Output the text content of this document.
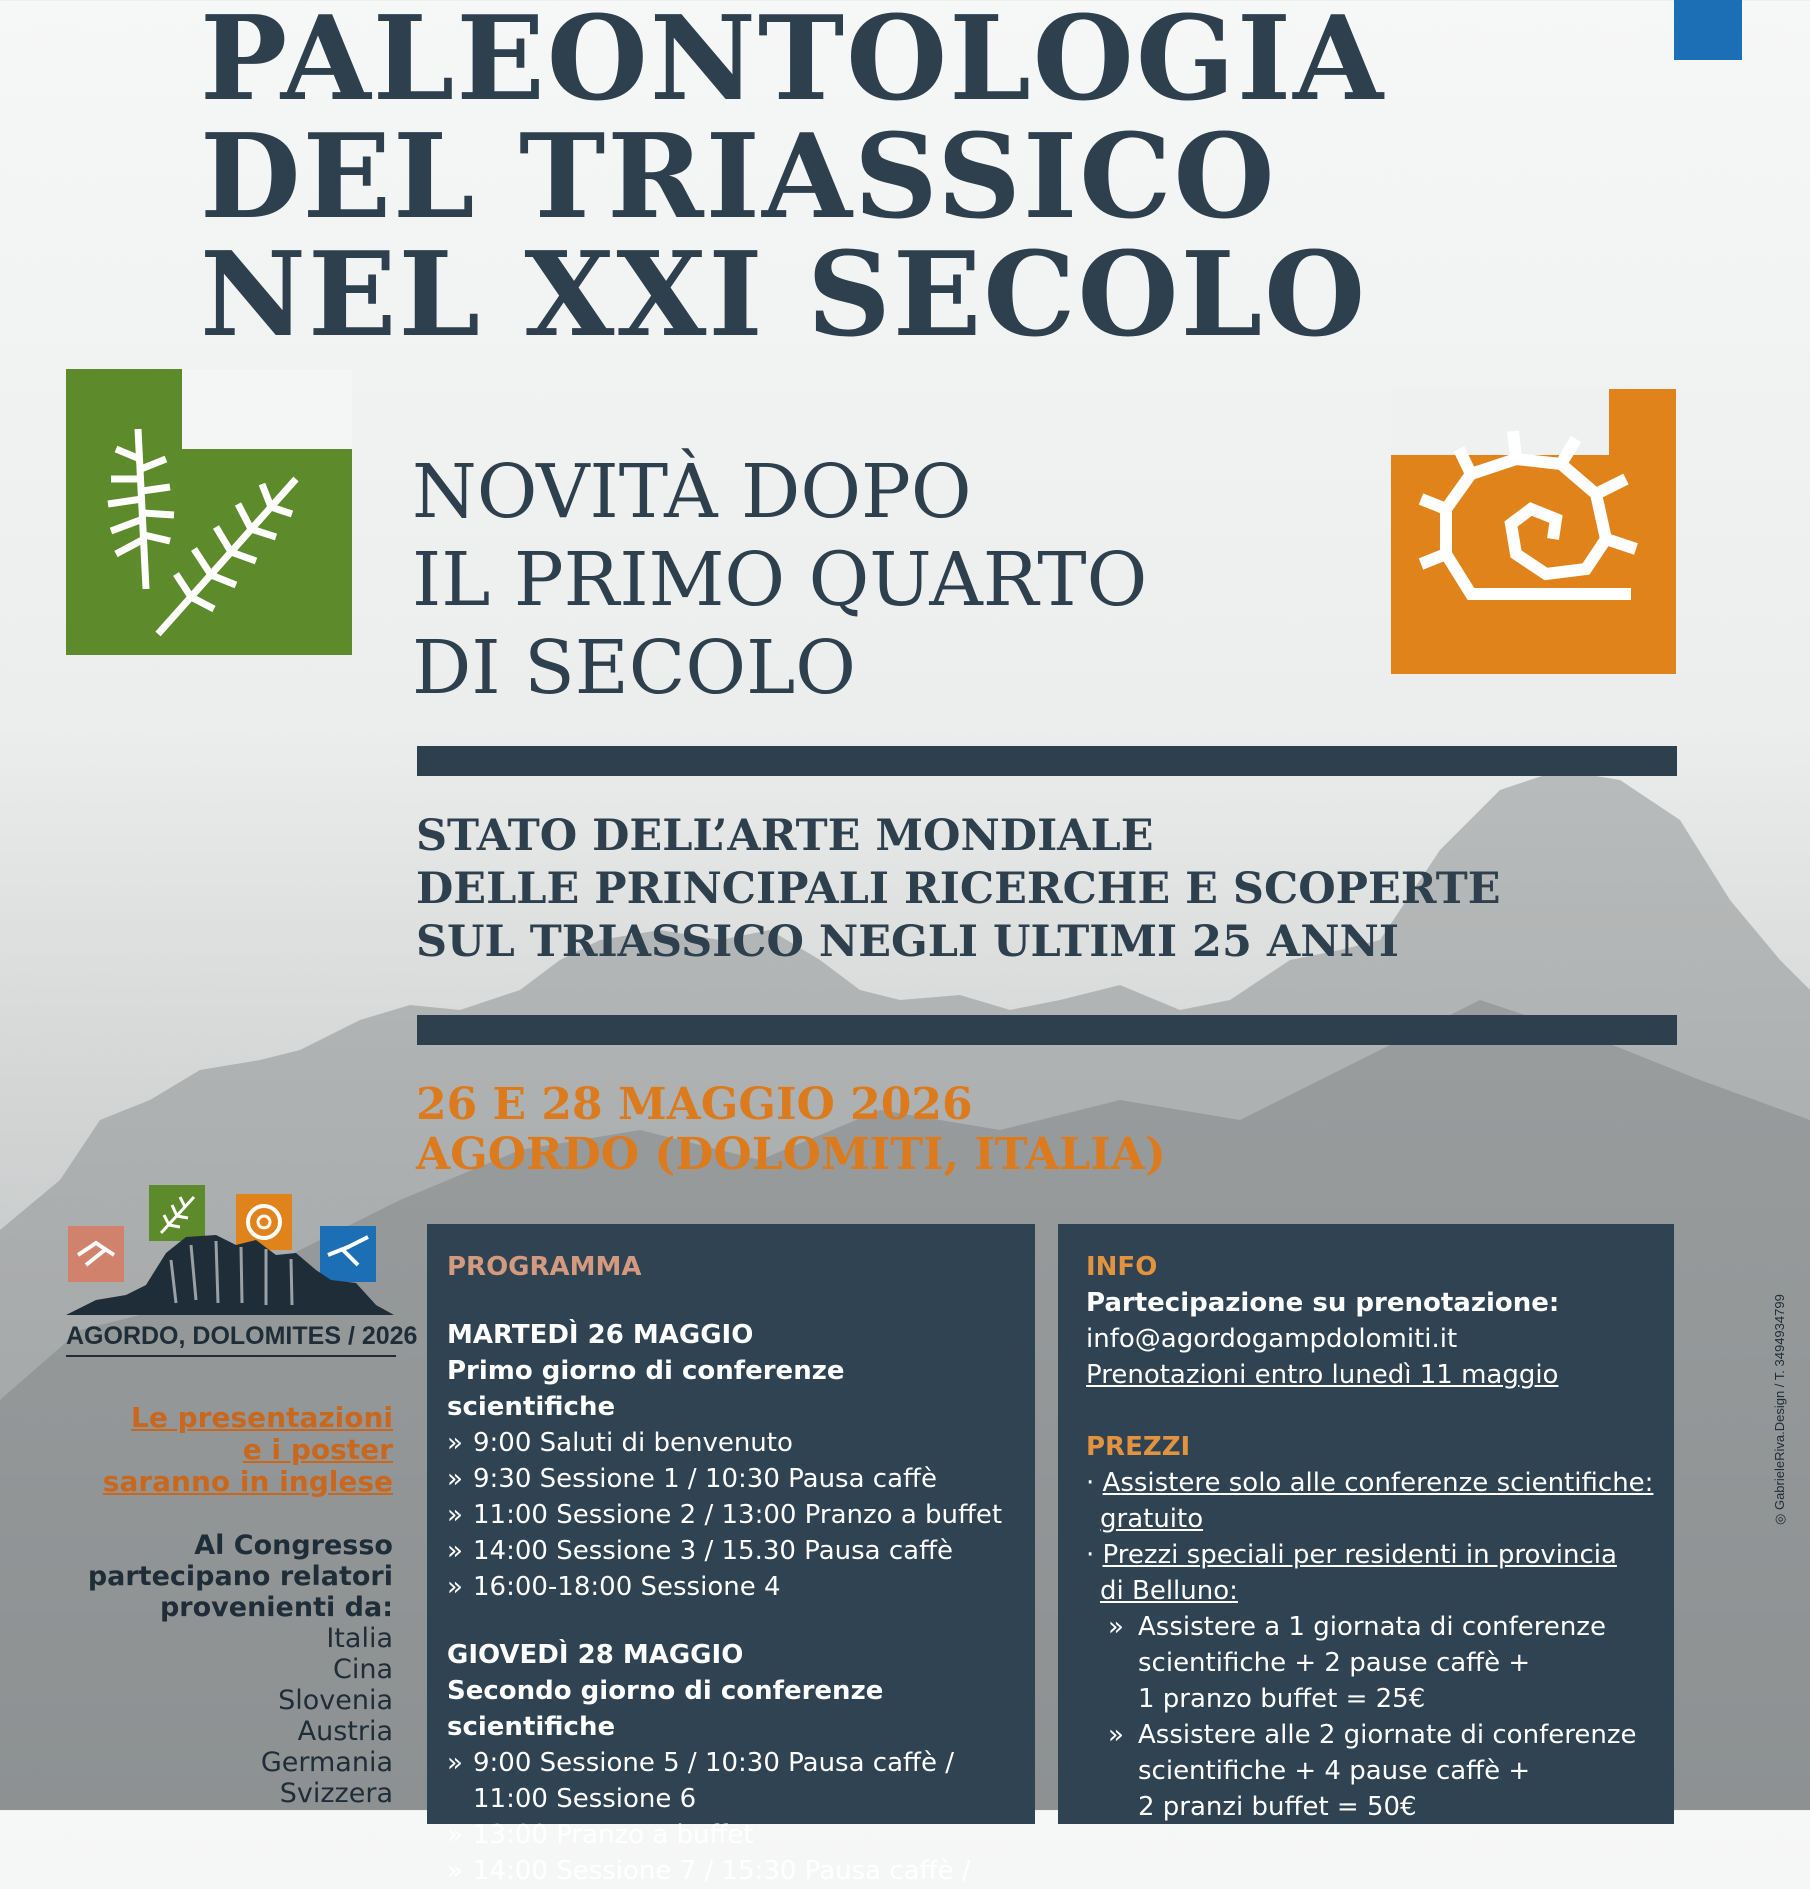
PALEONTOLOGIA
DEL TRIASSICO
NEL XXI SECOLO
NOVITÀ DOPO
IL PRIMO QUARTO
DI SECOLO
STATO DELL’ARTE MONDIALE
DELLE PRINCIPALI RICERCHE E SCOPERTE
SUL TRIASSICO NEGLI ULTIMI 25 ANNI
26 E 28 MAGGIO 2026
AGORDO (DOLOMITI, ITALIA)
AGORDO, DOLOMITES / 2026
Le presentazioni
e i poster
saranno in inglese
Al Congresso
partecipano relatori
provenienti da:
Italia
Cina
Slovenia
Austria
Germania
Svizzera
PROGRAMMA
MARTEDÌ 26 MAGGIO
Primo giorno di conferenze scientifiche
» 9:00 Saluti di benvenuto
» 9:30 Sessione 1 / 10:30 Pausa caffè
» 11:00 Sessione 2 / 13:00 Pranzo a buffet
» 14:00 Sessione 3 / 15.30 Pausa caffè
» 16:00-18:00 Sessione 4
GIOVEDÌ 28 MAGGIO
Secondo giorno di conferenze scientifiche
» 9:00 Sessione 5 / 10:30 Pausa caffè /
11:00 Sessione 6
» 13:00 Pranzo a buffet
» 14:00 Sessione 7 / 15:30 Pausa caffè /
INFO
Partecipazione su prenotazione:
info@agordogampdolomiti.it
Prenotazioni entro lunedì 11 maggio
PREZZI
· Assistere solo alle conferenze scientifiche:
gratuito
· Prezzi speciali per residenti in provincia
di Belluno:
» Assistere a 1 giornata di conferenze
scientifiche + 2 pause caffè +
1 pranzo buffet = 25€
» Assistere alle 2 giornate di conferenze
scientifiche + 4 pause caffè +
2 pranzi buffet = 50€
◎ GabrieleRiva.Design / T. 3494934799
